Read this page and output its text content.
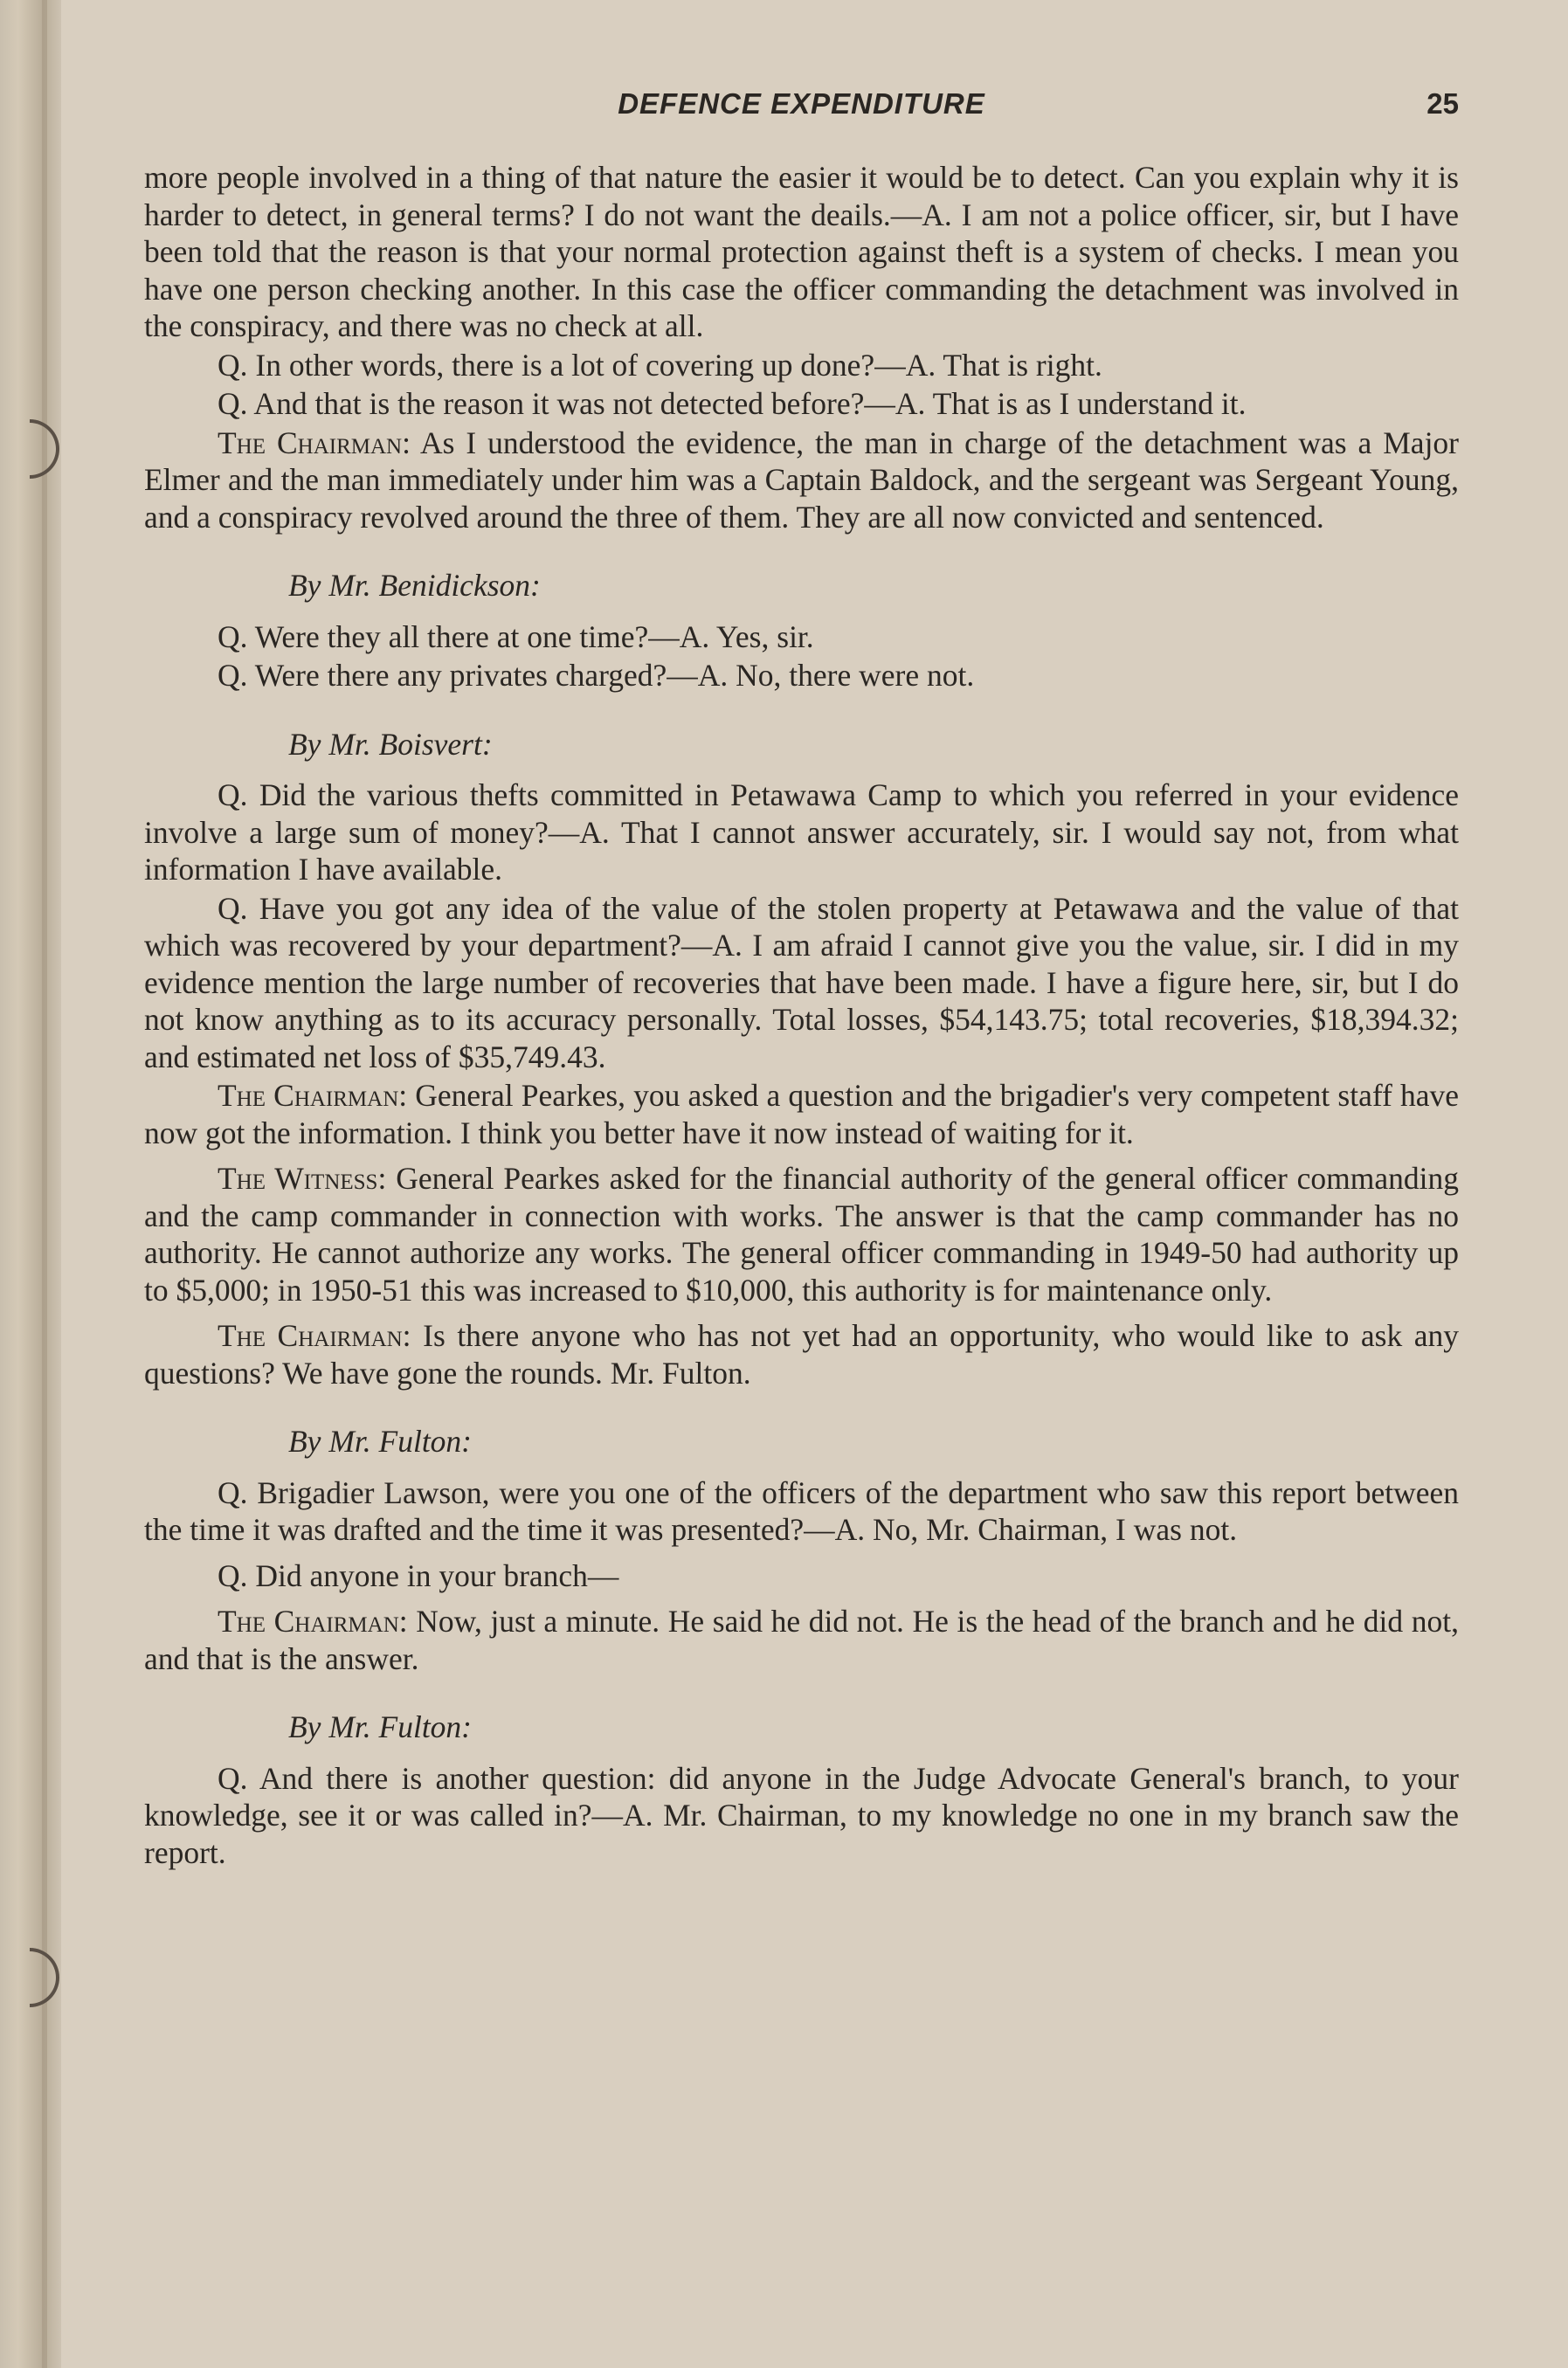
DEFENCE EXPENDITURE	25

more people involved in a thing of that nature the easier it would be to detect. Can you explain why it is harder to detect, in general terms? I do not want the deails.—A. I am not a police officer, sir, but I have been told that the reason is that your normal protection against theft is a system of checks. I mean you have one person checking another. In this case the officer commanding the detachment was involved in the conspiracy, and there was no check at all.

Q. In other words, there is a lot of covering up done?—A. That is right.

Q. And that is the reason it was not detected before?—A. That is as I understand it.

The Chairman: As I understood the evidence, the man in charge of the detachment was a Major Elmer and the man immediately under him was a Captain Baldock, and the sergeant was Sergeant Young, and a conspiracy revolved around the three of them. They are all now convicted and sentenced.

By Mr. Benidickson:

Q. Were they all there at one time?—A. Yes, sir.

Q. Were there any privates charged?—A. No, there were not.

By Mr. Boisvert:

Q. Did the various thefts committed in Petawawa Camp to which you referred in your evidence involve a large sum of money?—A. That I cannot answer accurately, sir. I would say not, from what information I have available.

Q. Have you got any idea of the value of the stolen property at Petawawa and the value of that which was recovered by your department?—A. I am afraid I cannot give you the value, sir. I did in my evidence mention the large number of recoveries that have been made. I have a figure here, sir, but I do not know anything as to its accuracy personally. Total losses, $54,143.75; total recoveries, $18,394.32; and estimated net loss of $35,749.43.

The Chairman: General Pearkes, you asked a question and the brigadier's very competent staff have now got the information. I think you better have it now instead of waiting for it.

The Witness: General Pearkes asked for the financial authority of the general officer commanding and the camp commander in connection with works. The answer is that the camp commander has no authority. He cannot authorize any works. The general officer commanding in 1949-50 had authority up to $5,000; in 1950-51 this was increased to $10,000, this authority is for maintenance only.

The Chairman: Is there anyone who has not yet had an opportunity, who would like to ask any questions? We have gone the rounds. Mr. Fulton.

By Mr. Fulton:

Q. Brigadier Lawson, were you one of the officers of the department who saw this report between the time it was drafted and the time it was presented?—A. No, Mr. Chairman, I was not.

Q. Did anyone in your branch—

The Chairman: Now, just a minute. He said he did not. He is the head of the branch and he did not, and that is the answer.

By Mr. Fulton:

Q. And there is another question: did anyone in the Judge Advocate General's branch, to your knowledge, see it or was called in?—A. Mr. Chairman, to my knowledge no one in my branch saw the report.
